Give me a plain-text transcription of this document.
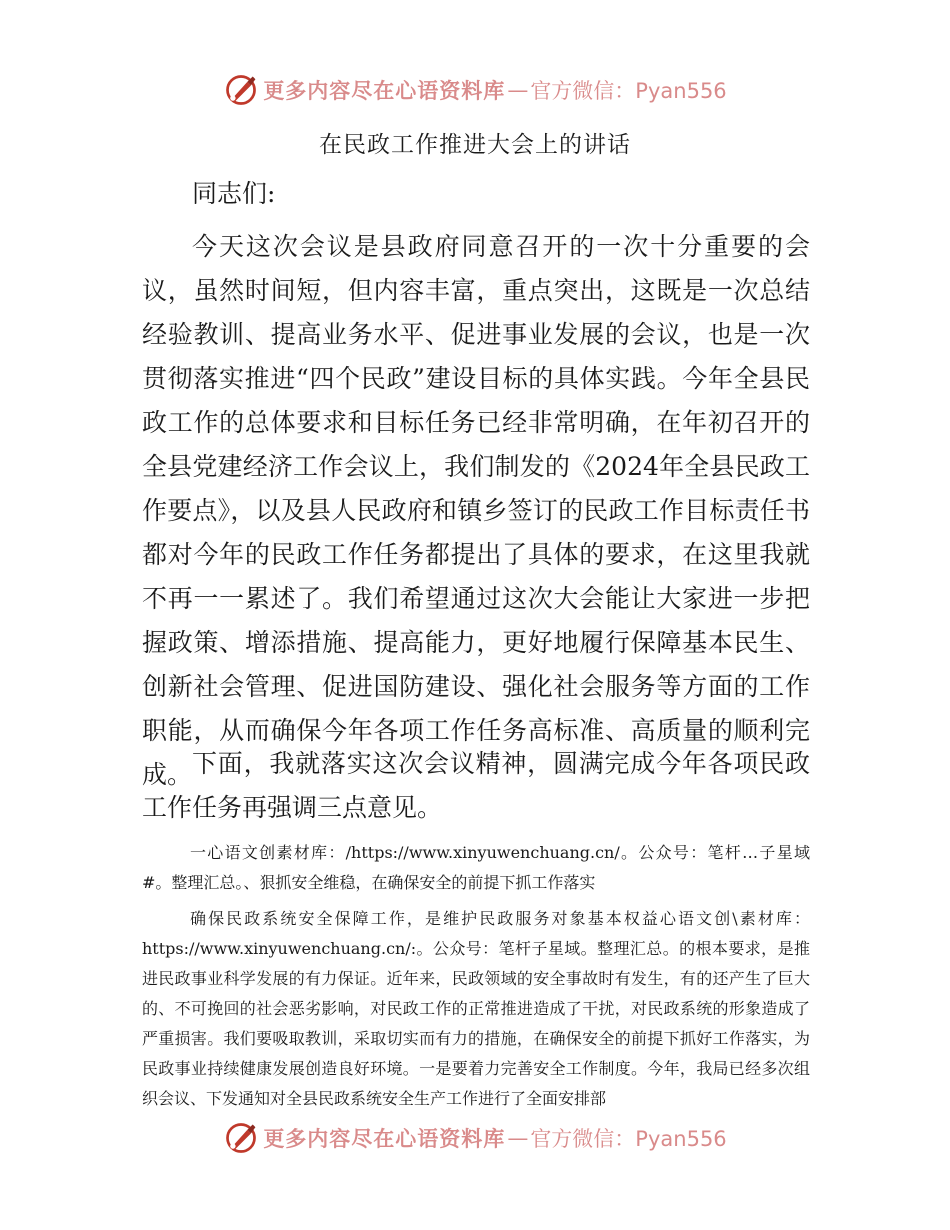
更多内容尽在心语资料库 — 官方微信：Pyan556
在民政工作推进大会上的讲话

同志们:

今天这次会议是县政府同意召开的一次十分重要的会议，虽然时间短，但内容丰富，重点突出，这既是一次总结经验教训、提高业务水平、促进事业发展的会议，也是一次贯彻落实推进“四个民政”建设目标的具体实践。今年全县民政工作的总体要求和目标任务已经非常明确，在年初召开的全县党建经济工作会议上，我们制发的《2024年全县民政工作要点》，以及县人民政府和镇乡签订的民政工作目标责任书都对今年的民政工作任务都提出了具体的要求，在这里我就不再一一累述了。我们希望通过这次大会能让大家进一步把握政策、增添措施、提高能力，更好地履行保障基本民生、创新社会管理、促进国防建设、强化社会服务等方面的工作职能，从而确保今年各项工作任务高标准、高质量的顺利完成。 下面，我就落实这次会议精神，圆满完成今年各项民政工作任务再强调三点意见。

一心语文创素材库：/https://www.xinyuwenchuang.cn/。公众号：笔杆…子星域#。整理汇总。、狠抓安全维稳，在确保安全的前提下抓工作落实

确保民政系统安全保障工作，是维护民政服务对象基本权益心语文创\素材库：https://www.xinyuwenchuang.cn/:。公众号：笔杆子星域。整理汇总。的根本要求，是推进民政事业科学发展的有力保证。近年来，民政领域的安全事故时有发生，有的还产生了巨大的、不可挽回的社会恶劣影响，对民政工作的正常推进造成了干扰，对民政系统的形象造成了严重损害。我们要吸取教训，采取切实而有力的措施，在确保安全的前提下抓好工作落实，为民政事业持续健康发展创造良好环境。一是要着力完善安全工作制度。今年，我局已经多次组织会议、下发通知对全县民政系统安全生产工作进行了全面安排部

更多内容尽在心语资料库 — 官方微信：Pyan556
